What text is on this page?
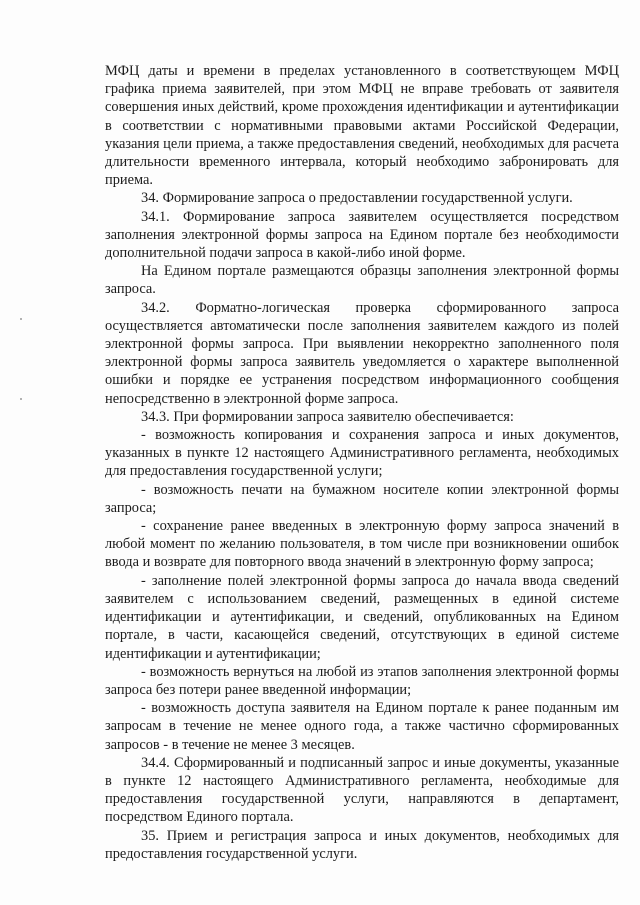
МФЦ даты и времени в пределах установленного в соответствующем МФЦ графика приема заявителей, при этом МФЦ не вправе требовать от заявителя совершения иных действий, кроме прохождения идентификации и аутентификации в соответствии с нормативными правовыми актами Российской Федерации, указания цели приема, а также предоставления сведений, необходимых для расчета длительности временного интервала, который необходимо забронировать для приема.

34. Формирование запроса о предоставлении государственной услуги.

34.1. Формирование запроса заявителем осуществляется посредством заполнения электронной формы запроса на Едином портале без необходимости дополнительной подачи запроса в какой-либо иной форме.

На Едином портале размещаются образцы заполнения электронной формы запроса.

34.2. Форматно-логическая проверка сформированного запроса осуществляется автоматически после заполнения заявителем каждого из полей электронной формы запроса. При выявлении некорректно заполненного поля электронной формы запроса заявитель уведомляется о характере выполненной ошибки и порядке ее устранения посредством информационного сообщения непосредственно в электронной форме запроса.

34.3. При формировании запроса заявителю обеспечивается:

- возможность копирования и сохранения запроса и иных документов, указанных в пункте 12 настоящего Административного регламента, необходимых для предоставления государственной услуги;

- возможность печати на бумажном носителе копии электронной формы запроса;

- сохранение ранее введенных в электронную форму запроса значений в любой момент по желанию пользователя, в том числе при возникновении ошибок ввода и возврате для повторного ввода значений в электронную форму запроса;

- заполнение полей электронной формы запроса до начала ввода сведений заявителем с использованием сведений, размещенных в единой системе идентификации и аутентификации, и сведений, опубликованных на Едином портале, в части, касающейся сведений, отсутствующих в единой системе идентификации и аутентификации;

- возможность вернуться на любой из этапов заполнения электронной формы запроса без потери ранее введенной информации;

- возможность доступа заявителя на Едином портале к ранее поданным им запросам в течение не менее одного года, а также частично сформированных запросов - в течение не менее 3 месяцев.

34.4. Сформированный и подписанный запрос и иные документы, указанные в пункте 12 настоящего Административного регламента, необходимые для предоставления государственной услуги, направляются в департамент, посредством Единого портала.

35. Прием и регистрация запроса и иных документов, необходимых для предоставления государственной услуги.
